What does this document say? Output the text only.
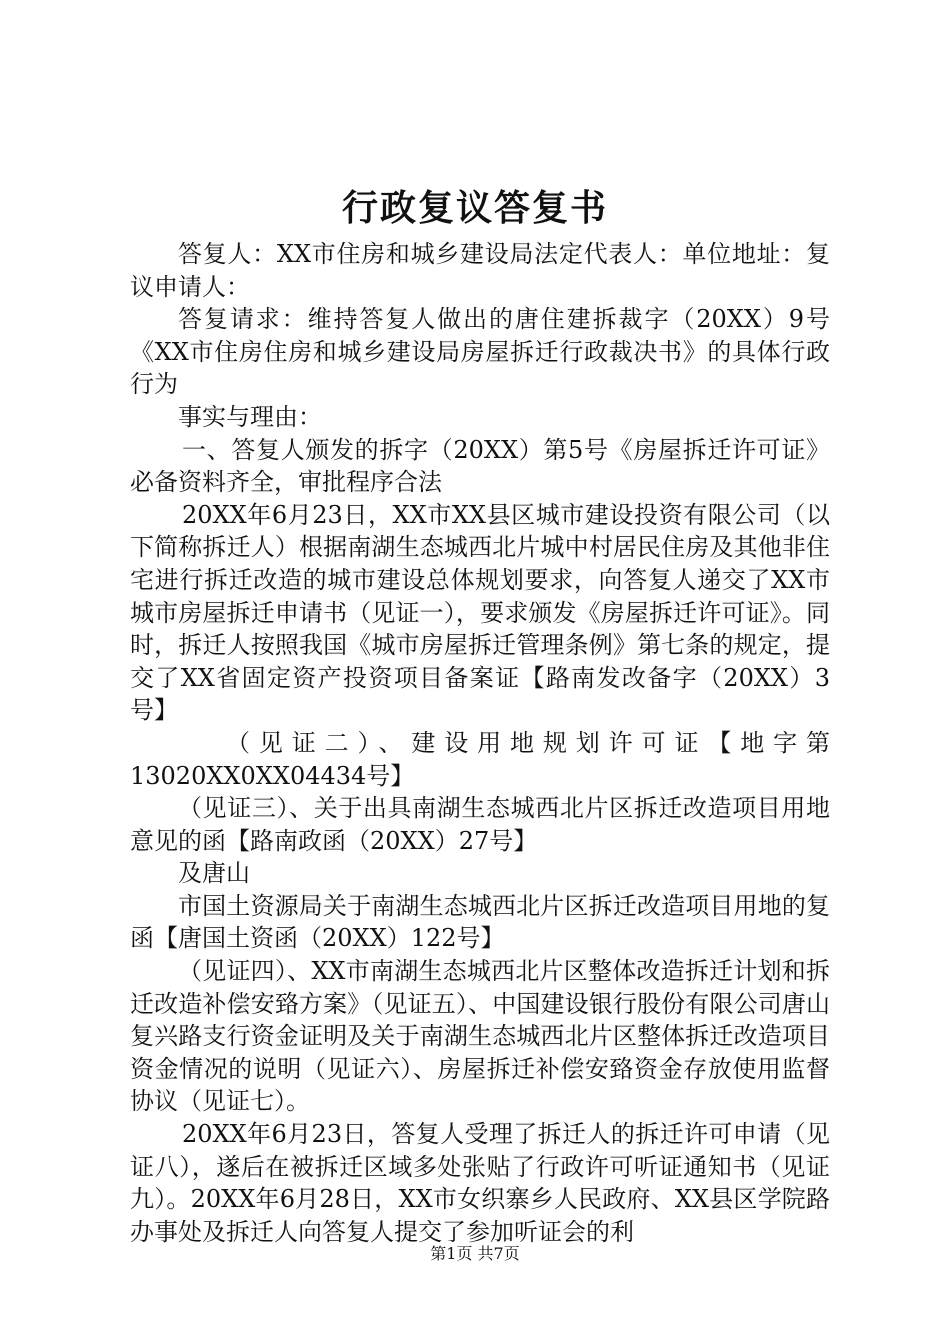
行政复议答复书

答复人：XX市住房和城乡建设局法定代表人：单位地址：复议申请人：

答复请求：维持答复人做出的唐住建拆裁字（20XX）9号《XX市住房住房和城乡建设局房屋拆迁行政裁决书》的具体行政行为

事实与理由：

一、答复人颁发的拆字（20XX）第5号《房屋拆迁许可证》必备资料齐全，审批程序合法

20XX年6月23日，XX市XX县区城市建设投资有限公司（以下简称拆迁人）根据南湖生态城西北片城中村居民住房及其他非住宅进行拆迁改造的城市建设总体规划要求，向答复人递交了XX市城市房屋拆迁申请书（见证一），要求颁发《房屋拆迁许可证》。同时，拆迁人按照我国《城市房屋拆迁管理条例》第七条的规定，提交了XX省固定资产投资项目备案证【路南发改备字（20XX）3号】

（见证二）、建设用地规划许可证【地字第

13020XX0XX04434号】

（见证三）、关于出具南湖生态城西北片区拆迁改造项目用地意见的函【路南政函（20XX）27号】

及唐山

市国土资源局关于南湖生态城西北片区拆迁改造项目用地的复函【唐国土资函（20XX）122号】

（见证四）、XX市南湖生态城西北片区整体改造拆迁计划和拆迁改造补偿安臵方案》（见证五）、中国建设银行股份有限公司唐山复兴路支行资金证明及关于南湖生态城西北片区整体拆迁改造项目资金情况的说明（见证六）、房屋拆迁补偿安臵资金存放使用监督协议（见证七）。

20XX年6月23日，答复人受理了拆迁人的拆迁许可申请（见证八），遂后在被拆迁区域多处张贴了行政许可听证通知书（见证九）。20XX年6月28日，XX市女织寨乡人民政府、XX县区学院路办事处及拆迁人向答复人提交了参加听证会的利

第1页 共7页
